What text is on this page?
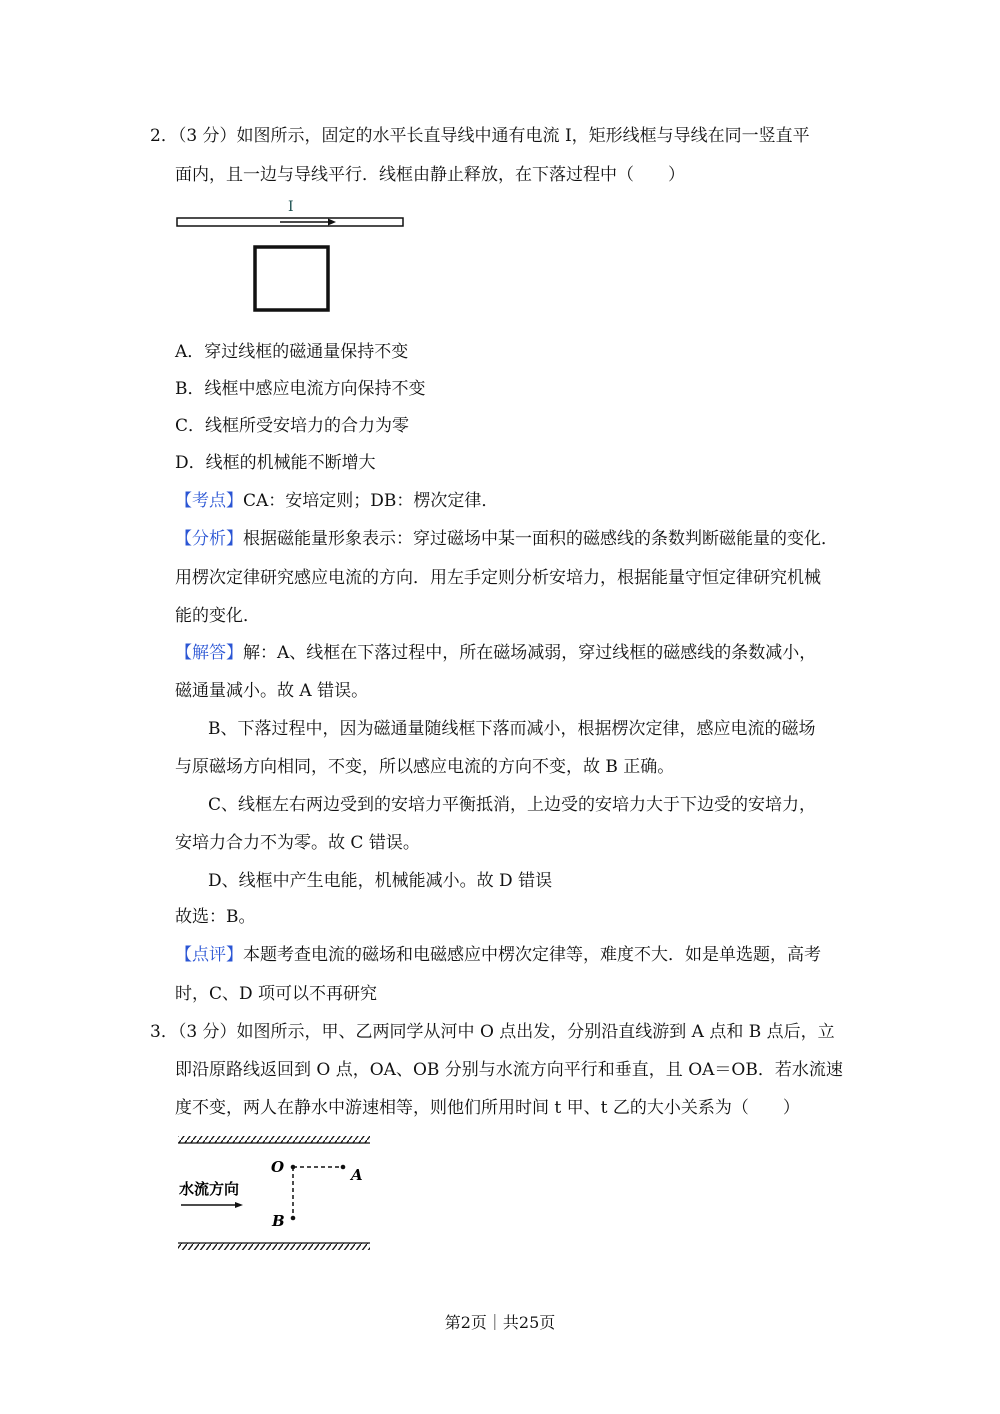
2．（3 分）如图所示，固定的水平长直导线中通有电流 I，矩形线框与导线在同一竖直平
面内，且一边与导线平行．线框由静止释放，在下落过程中（　　）
I
A．穿过线框的磁通量保持不变
B．线框中感应电流方向保持不变
C．线框所受安培力的合力为零
D．线框的机械能不断增大
【考点】CA：安培定则；DB：楞次定律．
【分析】根据磁能量形象表示：穿过磁场中某一面积的磁感线的条数判断磁能量的变化．
用楞次定律研究感应电流的方向．用左手定则分析安培力，根据能量守恒定律研究机械
能的变化．
【解答】解：A、线框在下落过程中，所在磁场减弱，穿过线框的磁感线的条数减小，
磁通量减小。故 A 错误。
B、下落过程中，因为磁通量随线框下落而减小，根据楞次定律，感应电流的磁场
与原磁场方向相同，不变，所以感应电流的方向不变，故 B 正确。
C、线框左右两边受到的安培力平衡抵消，上边受的安培力大于下边受的安培力，
安培力合力不为零。故 C 错误。
D、线框中产生电能，机械能减小。故 D 错误
故选：B。
【点评】本题考查电流的磁场和电磁感应中楞次定律等，难度不大．如是单选题，高考
时，C、D 项可以不再研究
3．（3 分）如图所示，甲、乙两同学从河中 O 点出发，分别沿直线游到 A 点和 B 点后，立
即沿原路线返回到 O 点，OA、OB 分别与水流方向平行和垂直，且 OA＝OB．若水流速
度不变，两人在静水中游速相等，则他们所用时间 t 甲、t 乙的大小关系为（　　）
O	A
B
水流方向
第2页｜共25页
